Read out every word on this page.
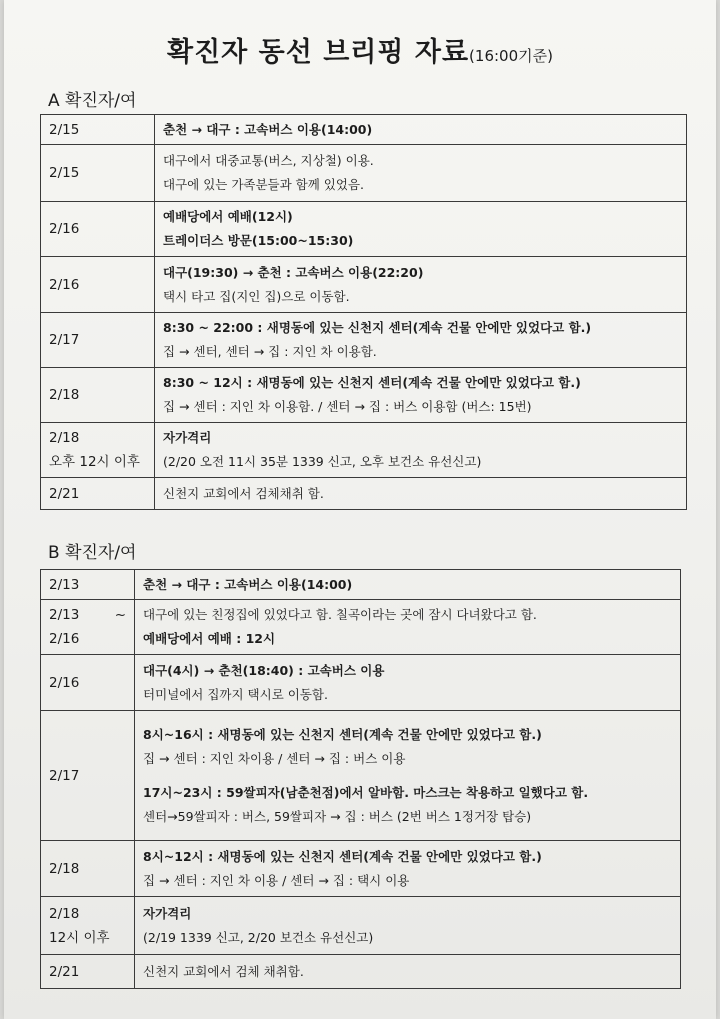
확진자 동선 브리핑 자료(16:00기준)
A 확진자/여
2/15	춘천 → 대구 : 고속버스 이용(14:00)

2/15	대구에서 대중교통(버스, 지상철) 이용.
대구에 있는 가족분들과 함께 있었음.

2/16	예배당에서 예배(12시)
트레이더스 방문(15:00~15:30)

2/16	대구(19:30) → 춘천 : 고속버스 이용(22:20)
택시 타고 집(지인 집)으로 이동함.

2/17	8:30 ~ 22:00 : 새명동에 있는 신천지 센터(계속 건물 안에만 있었다고 함.)
집 → 센터, 센터 → 집 : 지인 차 이용함.

2/18	8:30 ~ 12시 : 새명동에 있는 신천지 센터(계속 건물 안에만 있었다고 함.)
집 → 센터 : 지인 차 이용함. / 센터 → 집 : 버스 이용함 (버스: 15번)

2/18
오후 12시 이후	자가격리
(2/20 오전 11시 35분 1339 신고, 오후 보건소 유선신고)

2/21	신천지 교회에서 검체채취 함.
B 확진자/여
2/13	춘천 → 대구 : 고속버스 이용(14:00)

2/13 ~
2/16	대구에 있는 친정집에 있었다고 함. 칠곡이라는 곳에 잠시 다녀왔다고 함.
예배당에서 예배 : 12시

2/16	대구(4시) → 춘천(18:40) : 고속버스 이용
터미널에서 집까지 택시로 이동함.

2/17	8시~16시 : 새명동에 있는 신천지 센터(계속 건물 안에만 있었다고 함.)
집 → 센터 : 지인 차이용 / 센터 → 집 : 버스 이용
17시~23시 : 59쌀피자(남춘천점)에서 알바함. 마스크는 착용하고 일했다고 함.
센터→59쌀피자 : 버스, 59쌀피자 → 집 : 버스 (2번 버스 1정거장 탑승)

2/18	8시~12시 : 새명동에 있는 신천지 센터(계속 건물 안에만 있었다고 함.)
집 → 센터 : 지인 차 이용 / 센터 → 집 : 택시 이용

2/18
12시 이후	자가격리
(2/19 1339 신고, 2/20 보건소 유선신고)

2/21	신천지 교회에서 검체 채취함.
